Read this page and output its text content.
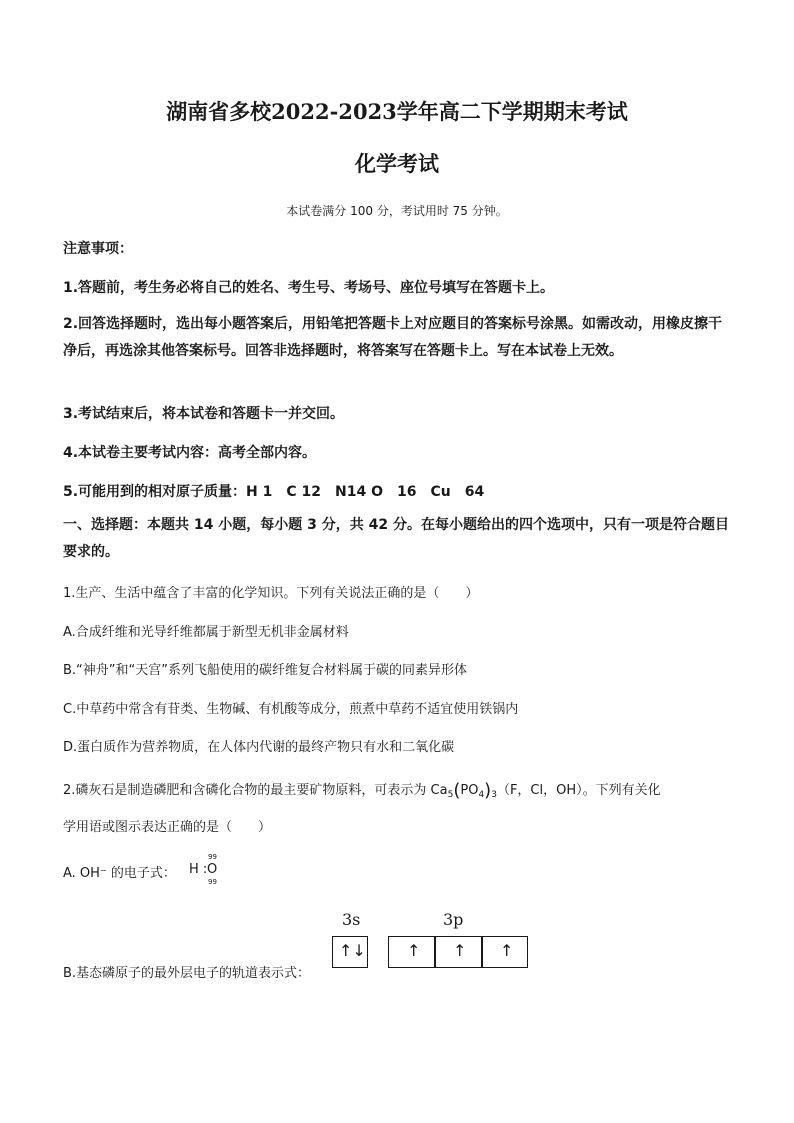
湖南省多校2022-2023学年高二下学期期末考试
化学考试
本试卷满分 100 分，考试用时 75 分钟。
注意事项：
1.答题前，考生务必将自己的姓名、考生号、考场号、座位号填写在答题卡上。
2.回答选择题时，选出每小题答案后，用铅笔把答题卡上对应题目的答案标号涂黑。如需改动，用橡皮擦干净后，再选涂其他答案标号。回答非选择题时，将答案写在答题卡上。写在本试卷上无效。
3.考试结束后，将本试卷和答题卡一并交回。
4.本试卷主要考试内容：高考全部内容。
5.可能用到的相对原子质量：H 1　C 12　N14 O　16　Cu　64
一、选择题：本题共 14 小题，每小题 3 分，共 42 分。在每小题给出的四个选项中，只有一项是符合题目要求的。
1.生产、生活中蕴含了丰富的化学知识。下列有关说法正确的是（　　）
A.合成纤维和光导纤维都属于新型无机非金属材料
B.“神舟”和“天宫”系列飞船使用的碳纤维复合材料属于碳的同素异形体
C.中草药中常含有苷类、生物碱、有机酸等成分，煎煮中草药不适宜使用铁锅内
D.蛋白质作为营养物质，在人体内代谢的最终产物只有水和二氧化碳
2.磷灰石是制造磷肥和含磷化合物的最主要矿物原料，可表示为 $Ca_5(PO_4)_3(F$，Cl，OH）。下列有关化
学用语或图示表达正确的是（　　）
A. OH⁻ 的电子式： H :
99
O
99
B.基态磷原子的最外层电子的轨道表示式：
3s	3p
↑↓	↑ ↑ ↑
